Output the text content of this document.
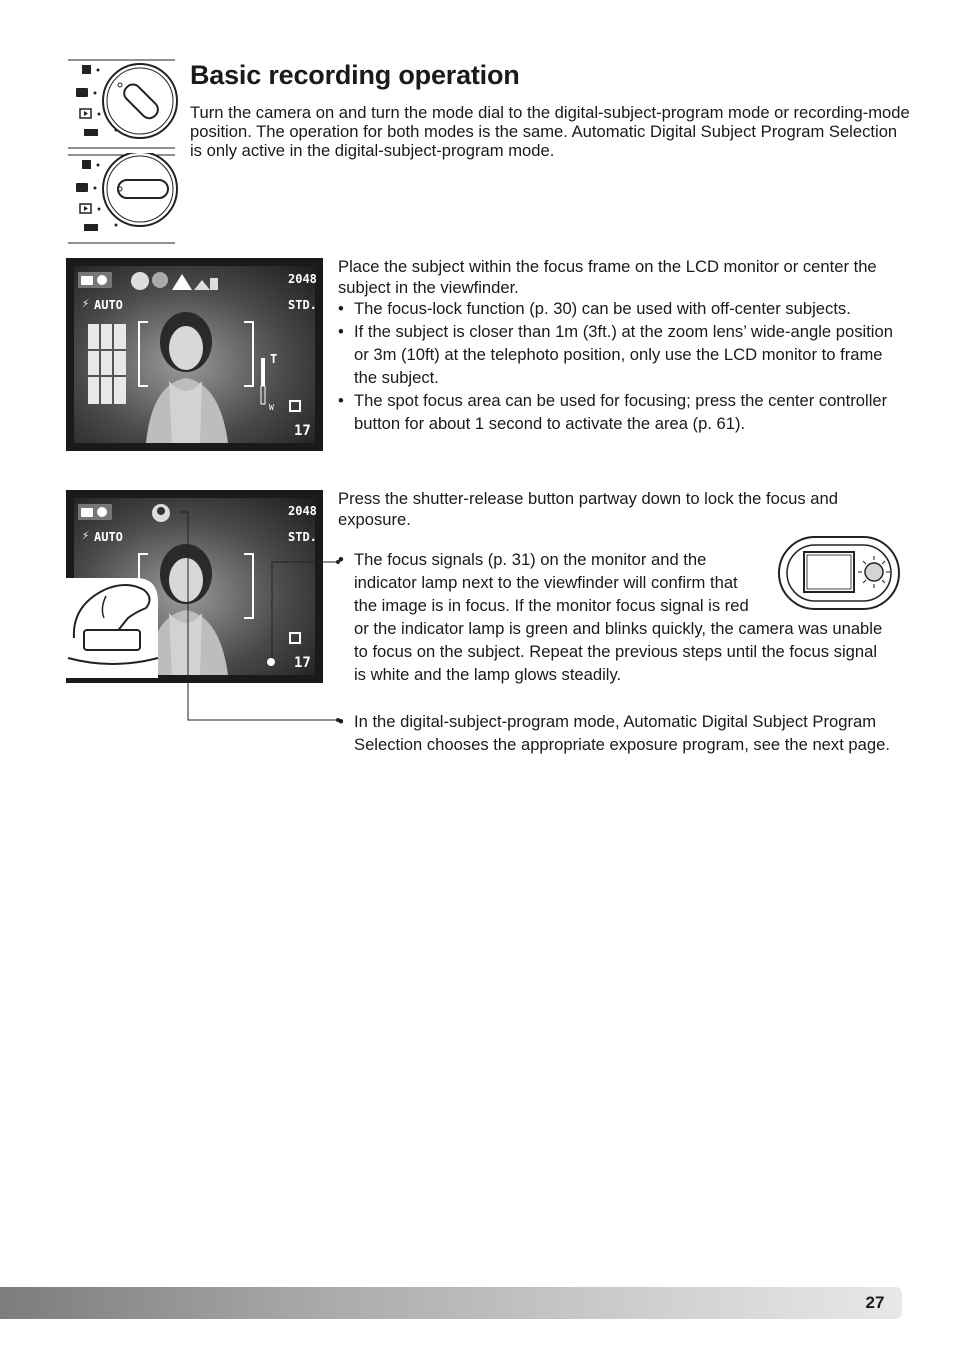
Basic recording operation

Turn the camera on and turn the mode dial to the digital-subject-program mode or recording-mode position. The operation for both modes is the same. Automatic Digital Subject Program Selection is only active in the digital-subject-program mode.

⚡ AUTO
2048
STD.
T
W
17

Place the subject within the focus frame on the LCD monitor or center the subject in the viewfinder.

• The focus-lock function (p. 30) can be used with off-center subjects.
• If the subject is closer than 1m (3ft.) at the zoom lens’ wide-angle position or 3m (10ft) at the telephoto position, only use the LCD monitor to frame the subject.
• The spot focus area can be used for focusing; press the center controller button for about 1 second to activate the area (p. 61).
⚡ AUTO
2048
STD.
17

Press the shutter-release button partway down to lock the focus and exposure.

• The focus signals (p. 31) on the monitor and the indicator lamp next to the viewfinder will confirm that the image is in focus. If the monitor focus signal is red or the indicator lamp is green and blinks quickly, the camera was unable to focus on the subject. Repeat the previous steps until the focus signal is white and the lamp glows steadily.
• In the digital-subject-program mode, Automatic Digital Subject Program Selection chooses the appropriate exposure program, see the next page.
27
